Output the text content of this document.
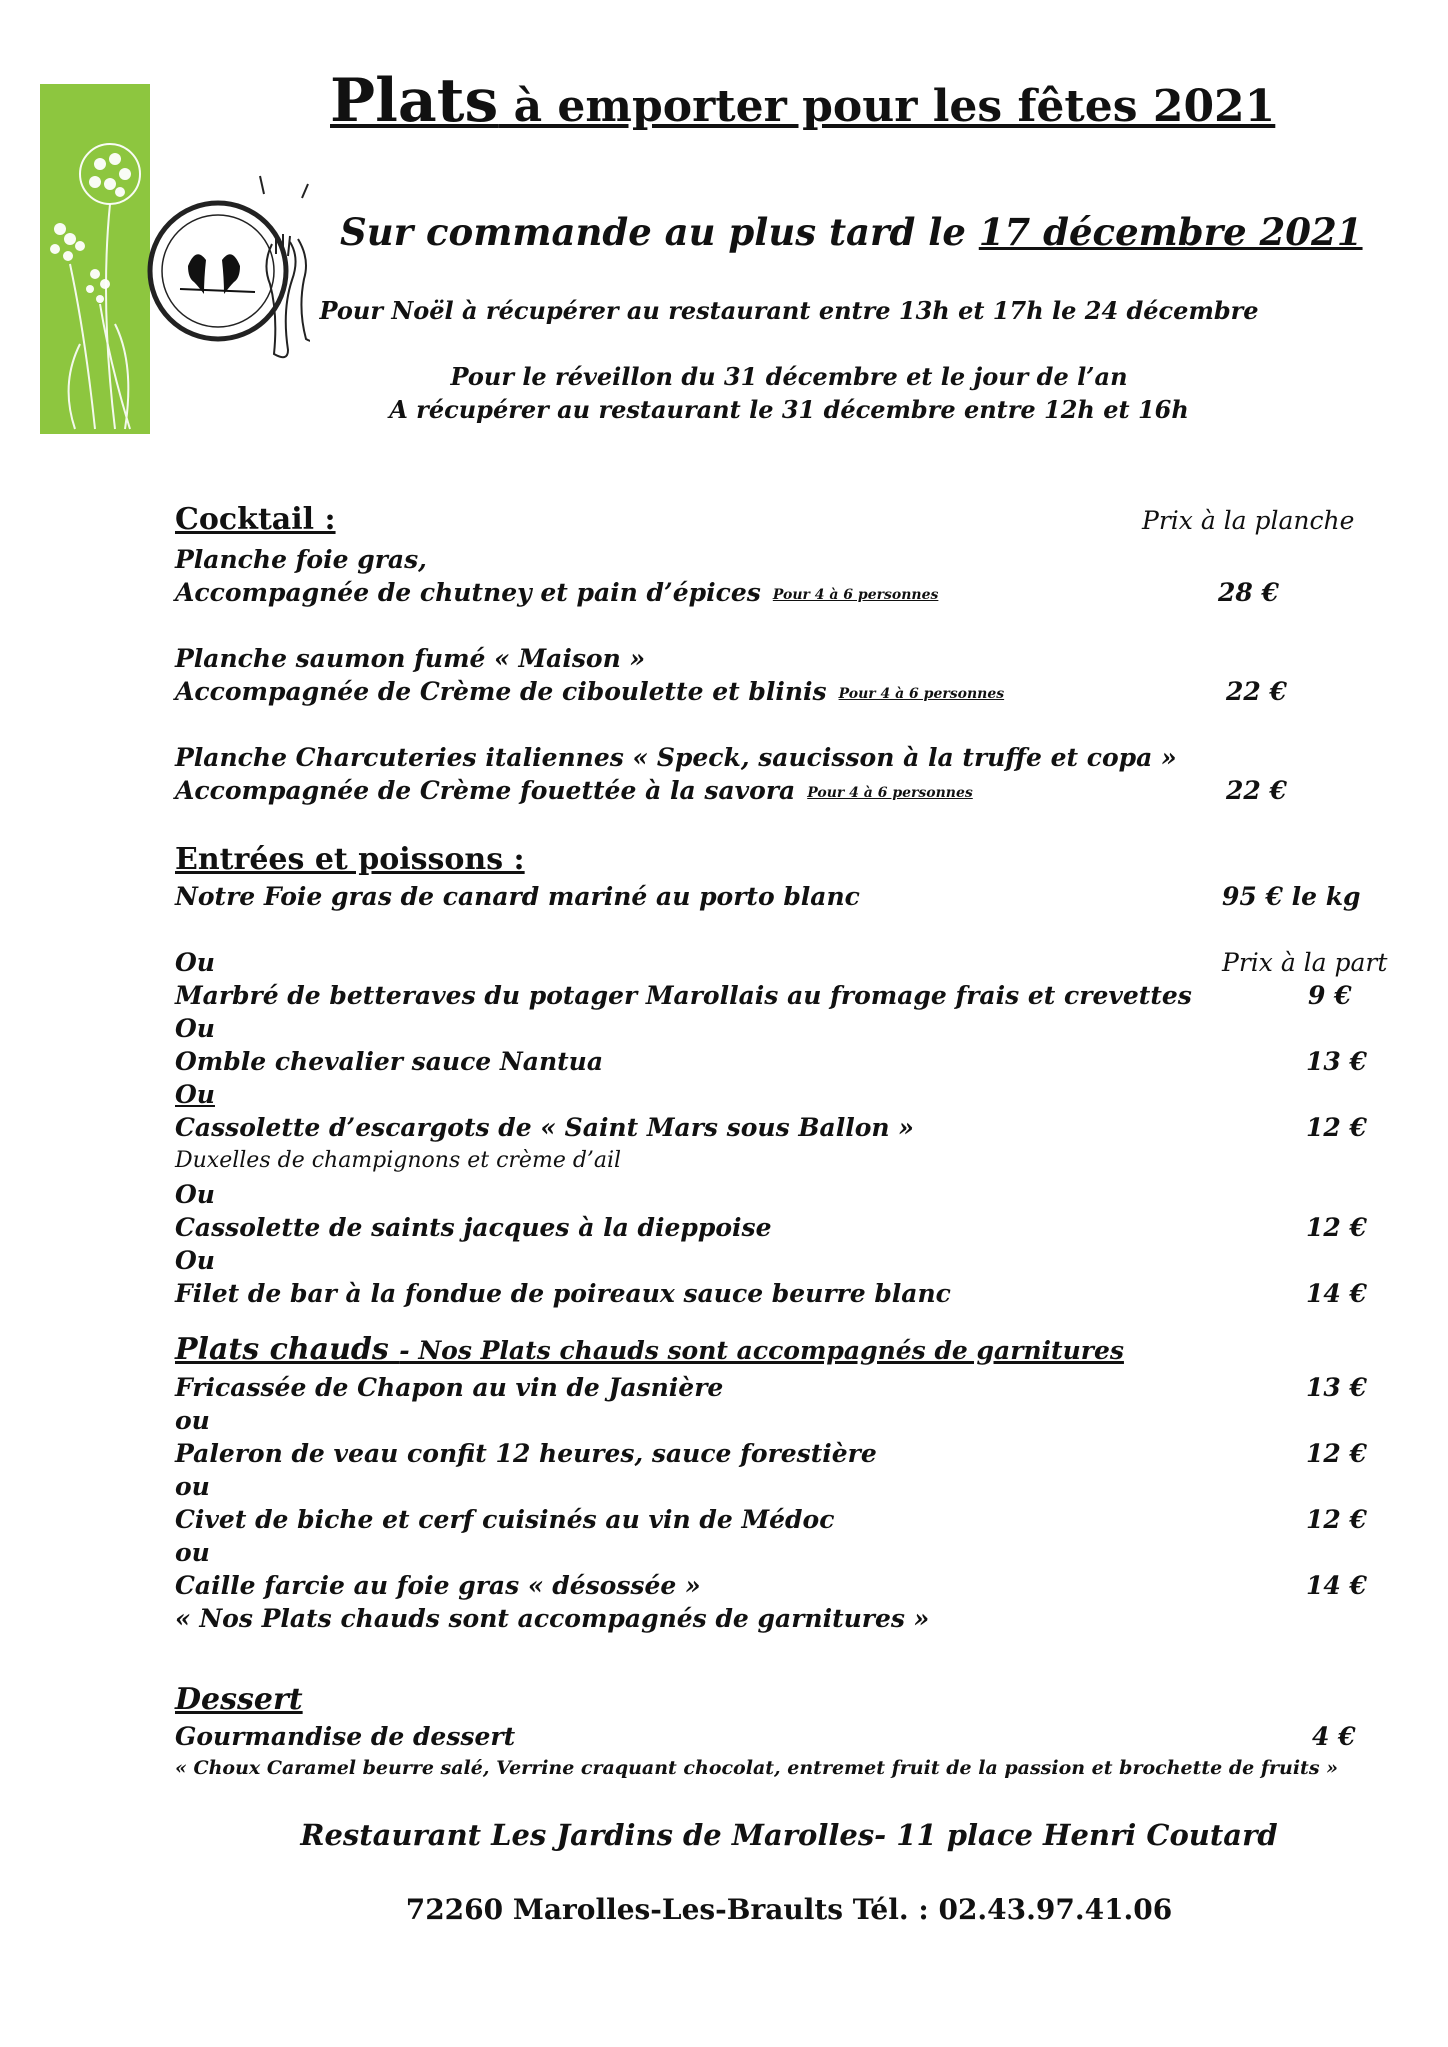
Plats à emporter pour les fêtes 2021
Sur commande au plus tard le 17 décembre 2021
Pour Noël à récupérer au restaurant entre 13h et 17h le 24 décembre
Pour le réveillon du 31 décembre et le jour de l’an
A récupérer au restaurant le 31 décembre entre 12h et 16h
Cocktail :	Prix à la planche
Planche foie gras,
Accompagnée de chutney et pain d’épices Pour 4 à 6 personnes	28 €
Planche saumon fumé « Maison »
Accompagnée de Crème de ciboulette et blinis Pour 4 à 6 personnes	22 €
Planche Charcuteries italiennes « Speck, saucisson à la truffe et copa »
Accompagnée de Crème fouettée à la savora Pour 4 à 6 personnes	22 €
Entrées et poissons :
Notre Foie gras de canard mariné au porto blanc	95 € le kg
Ou	Prix à la part
Marbré de betteraves du potager Marollais au fromage frais et crevettes	9 €
Ou
Omble chevalier sauce Nantua	13 €
Ou
Cassolette d’escargots de « Saint Mars sous Ballon »	12 €
Duxelles de champignons et crème d’ail
Ou
Cassolette de saints jacques à la dieppoise	12 €
Ou
Filet de bar à la fondue de poireaux sauce beurre blanc	14 €
Plats chauds - Nos Plats chauds sont accompagnés de garnitures
Fricassée de Chapon au vin de Jasnière	13 €
ou
Paleron de veau confit 12 heures, sauce forestière	12 €
ou
Civet de biche et cerf cuisinés au vin de Médoc	12 €
ou
Caille farcie au foie gras « désossée »	14 €
« Nos Plats chauds sont accompagnés de garnitures »
Dessert
Gourmandise de dessert	4 €
« Choux Caramel beurre salé, Verrine craquant chocolat, entremet fruit de la passion et brochette de fruits »
Restaurant Les Jardins de Marolles- 11 place Henri Coutard
72260 Marolles-Les-Braults Tél. : 02.43.97.41.06
